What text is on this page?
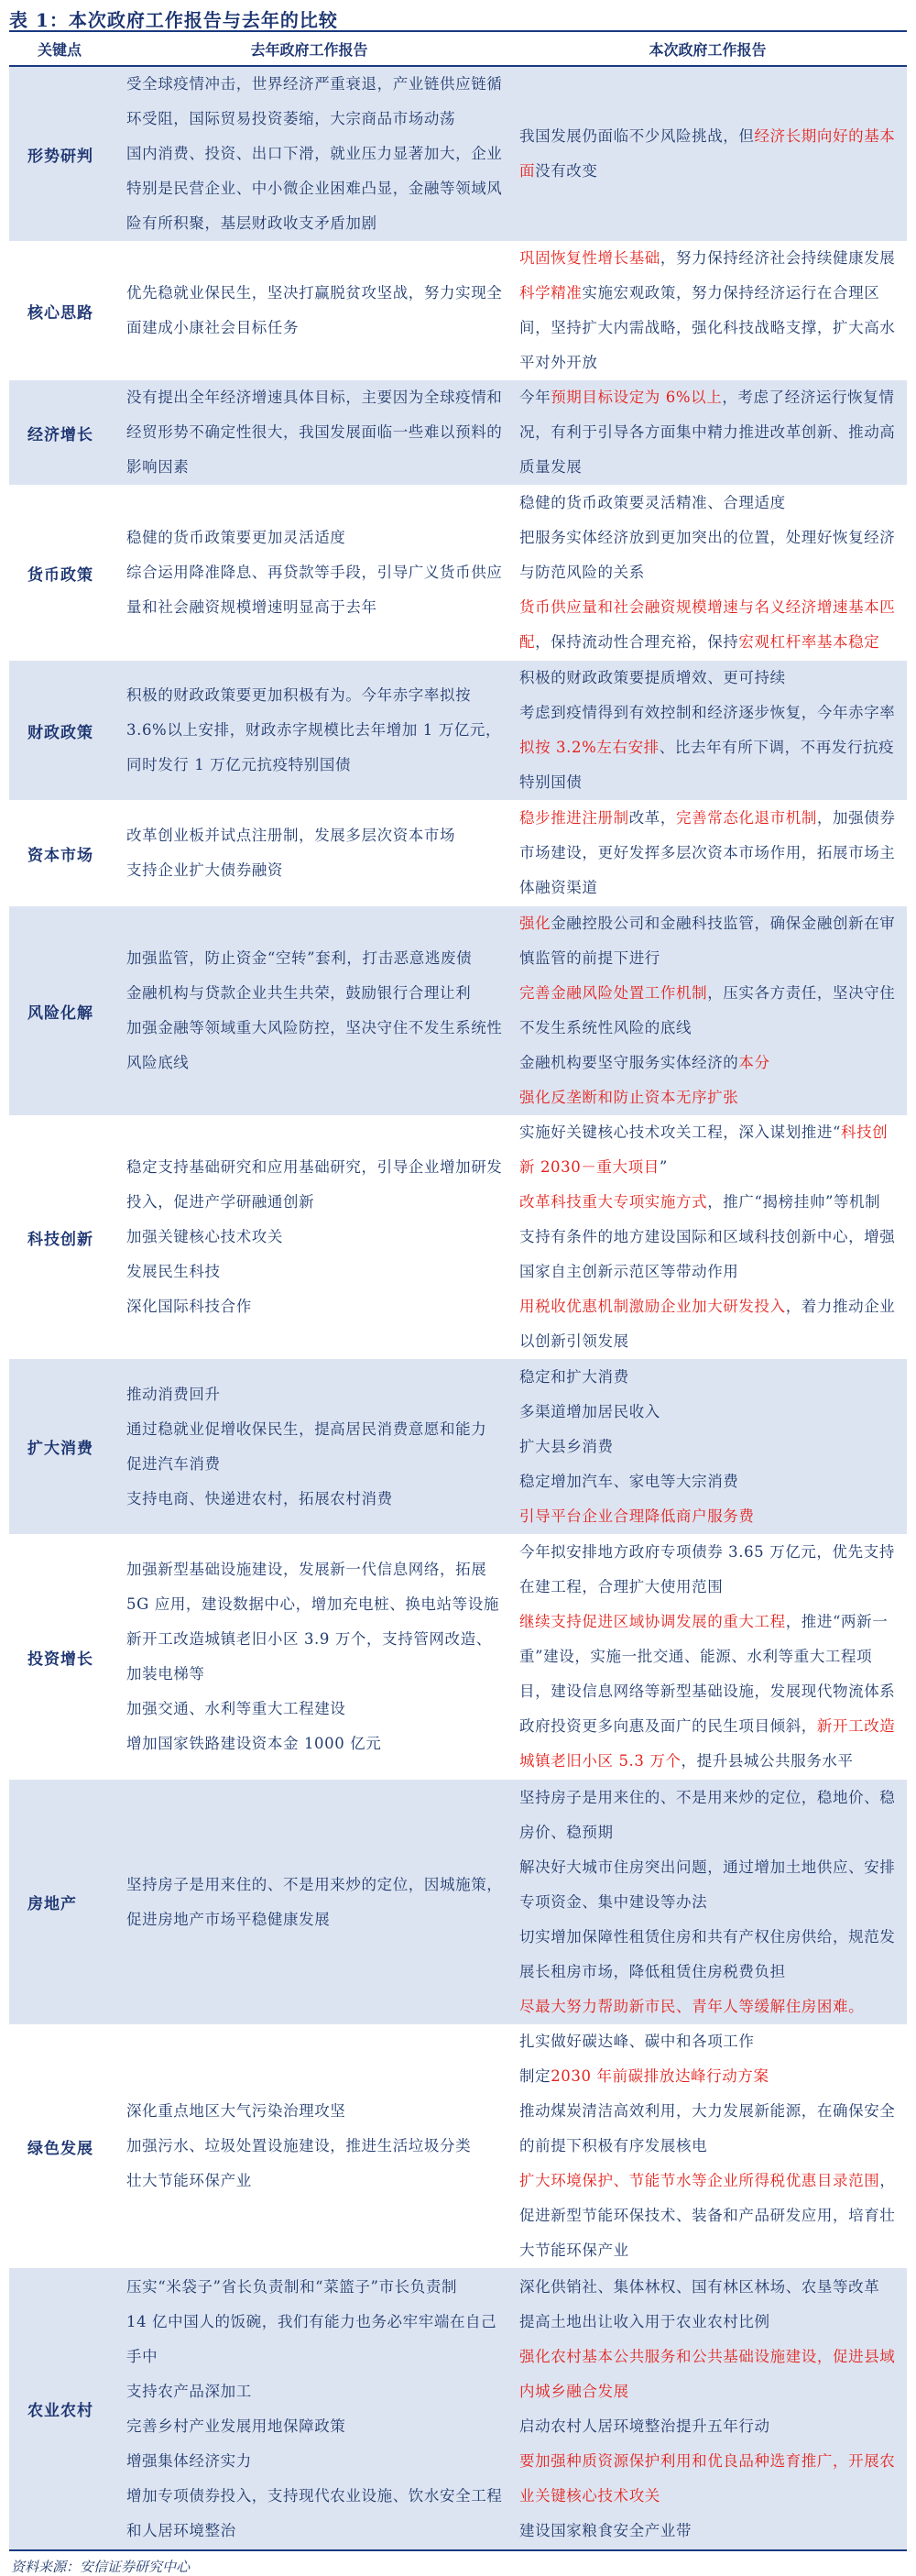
表 1：本次政府工作报告与去年的比较
关键点	去年政府工作报告	本次政府工作报告
形势研判
受全球疫情冲击，世界经济严重衰退，产业链供应链循环受阻，国际贸易投资萎缩，大宗商品市场动荡
国内消费、投资、出口下滑，就业压力显著加大，企业特别是民营企业、中小微企业困难凸显，金融等领域风险有所积聚，基层财政收支矛盾加剧
我国发展仍面临不少风险挑战，但经济长期向好的基本面没有改变
核心思路
优先稳就业保民生，坚决打赢脱贫攻坚战，努力实现全面建成小康社会目标任务
巩固恢复性增长基础，努力保持经济社会持续健康发展
科学精准实施宏观政策，努力保持经济运行在合理区间，坚持扩大内需战略，强化科技战略支撑，扩大高水平对外开放
经济增长
没有提出全年经济增速具体目标，主要因为全球疫情和经贸形势不确定性很大，我国发展面临一些难以预料的影响因素
今年预期目标设定为 6%以上，考虑了经济运行恢复情况，有利于引导各方面集中精力推进改革创新、推动高质量发展
货币政策
稳健的货币政策要更加灵活适度
综合运用降准降息、再贷款等手段，引导广义货币供应量和社会融资规模增速明显高于去年
稳健的货币政策要灵活精准、合理适度
把服务实体经济放到更加突出的位置，处理好恢复经济与防范风险的关系
货币供应量和社会融资规模增速与名义经济增速基本匹配，保持流动性合理充裕，保持宏观杠杆率基本稳定
财政政策
积极的财政政策要更加积极有为。今年赤字率拟按 3.6%以上安排，财政赤字规模比去年增加 1 万亿元，同时发行 1 万亿元抗疫特别国债
积极的财政政策要提质增效、更可持续
考虑到疫情得到有效控制和经济逐步恢复，今年赤字率拟按 3.2%左右安排、比去年有所下调，不再发行抗疫特别国债
资本市场
改革创业板并试点注册制，发展多层次资本市场
支持企业扩大债券融资
稳步推进注册制改革，完善常态化退市机制，加强债券市场建设，更好发挥多层次资本市场作用，拓展市场主体融资渠道
风险化解
加强监管，防止资金“空转”套利，打击恶意逃废债
金融机构与贷款企业共生共荣，鼓励银行合理让利
加强金融等领域重大风险防控，坚决守住不发生系统性风险底线
强化金融控股公司和金融科技监管，确保金融创新在审慎监管的前提下进行
完善金融风险处置工作机制，压实各方责任，坚决守住不发生系统性风险的底线
金融机构要坚守服务实体经济的本分
强化反垄断和防止资本无序扩张
科技创新
稳定支持基础研究和应用基础研究，引导企业增加研发投入，促进产学研融通创新
加强关键核心技术攻关
发展民生科技
深化国际科技合作
实施好关键核心技术攻关工程，深入谋划推进“科技创新 2030－重大项目”
改革科技重大专项实施方式，推广“揭榜挂帅”等机制
支持有条件的地方建设国际和区域科技创新中心，增强国家自主创新示范区等带动作用
用税收优惠机制激励企业加大研发投入，着力推动企业以创新引领发展
扩大消费
推动消费回升
通过稳就业促增收保民生，提高居民消费意愿和能力
促进汽车消费
支持电商、快递进农村，拓展农村消费
稳定和扩大消费
多渠道增加居民收入
扩大县乡消费
稳定增加汽车、家电等大宗消费
引导平台企业合理降低商户服务费
投资增长
加强新型基础设施建设，发展新一代信息网络，拓展 5G 应用，建设数据中心，增加充电桩、换电站等设施
新开工改造城镇老旧小区 3.9 万个，支持管网改造、加装电梯等
加强交通、水利等重大工程建设
增加国家铁路建设资本金 1000 亿元
今年拟安排地方政府专项债券 3.65 万亿元，优先支持在建工程，合理扩大使用范围
继续支持促进区域协调发展的重大工程，推进“两新一重”建设，实施一批交通、能源、水利等重大工程项目，建设信息网络等新型基础设施，发展现代物流体系
政府投资更多向惠及面广的民生项目倾斜，新开工改造城镇老旧小区 5.3 万个，提升县城公共服务水平
房地产
坚持房子是用来住的、不是用来炒的定位，因城施策，促进房地产市场平稳健康发展
坚持房子是用来住的、不是用来炒的定位，稳地价、稳房价、稳预期
解决好大城市住房突出问题，通过增加土地供应、安排专项资金、集中建设等办法
切实增加保障性租赁住房和共有产权住房供给，规范发展长租房市场，降低租赁住房税费负担
尽最大努力帮助新市民、青年人等缓解住房困难。
绿色发展
深化重点地区大气污染治理攻坚
加强污水、垃圾处置设施建设，推进生活垃圾分类
壮大节能环保产业
扎实做好碳达峰、碳中和各项工作
制定2030 年前碳排放达峰行动方案
推动煤炭清洁高效利用，大力发展新能源，在确保安全的前提下积极有序发展核电
扩大环境保护、节能节水等企业所得税优惠目录范围，促进新型节能环保技术、装备和产品研发应用，培育壮大节能环保产业
农业农村
压实“米袋子”省长负责制和“菜篮子”市长负责制
14 亿中国人的饭碗，我们有能力也务必牢牢端在自己手中
支持农产品深加工
完善乡村产业发展用地保障政策
增强集体经济实力
增加专项债券投入，支持现代农业设施、饮水安全工程和人居环境整治
深化供销社、集体林权、国有林区林场、农垦等改革
提高土地出让收入用于农业农村比例
强化农村基本公共服务和公共基础设施建设，促进县域内城乡融合发展
启动农村人居环境整治提升五年行动
要加强种质资源保护利用和优良品种选育推广，开展农业关键核心技术攻关
建设国家粮食安全产业带
资料来源：安信证券研究中心
